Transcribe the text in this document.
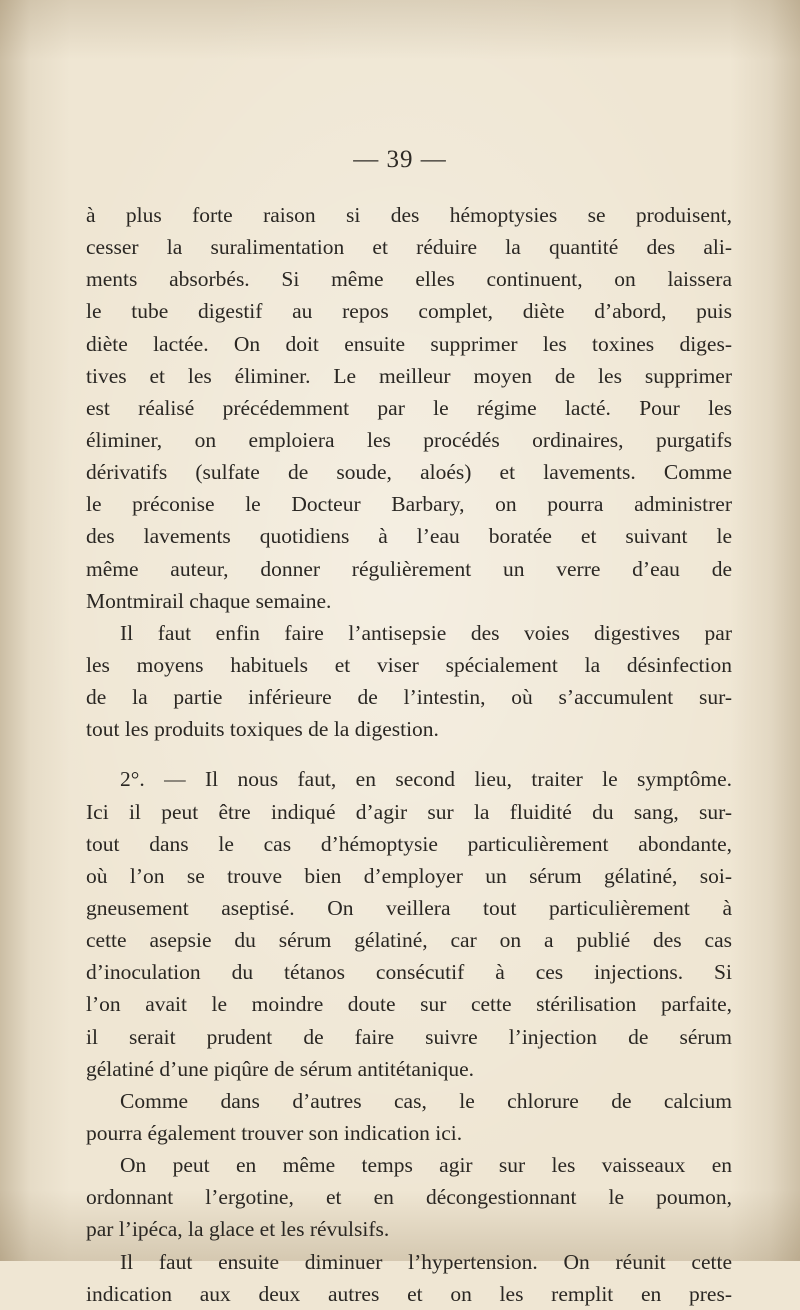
— 39 —
à plus forte raison si des hémoptysies se produisent,
cesser la suralimentation et réduire la quantité des ali-
ments absorbés. Si même elles continuent, on laissera
le tube digestif au repos complet, diète d’abord, puis
diète lactée. On doit ensuite supprimer les toxines diges-
tives et les éliminer. Le meilleur moyen de les supprimer
est réalisé précédemment par le régime lacté. Pour les
éliminer, on emploiera les procédés ordinaires, purgatifs
dérivatifs (sulfate de soude, aloés) et lavements. Comme
le préconise le Docteur Barbary, on pourra administrer
des lavements quotidiens à l’eau boratée et suivant le
même auteur, donner régulièrement un verre d’eau de
Montmirail chaque semaine.
Il faut enfin faire l’antisepsie des voies digestives par
les moyens habituels et viser spécialement la désinfection
de la partie inférieure de l’intestin, où s’accumulent sur-
tout les produits toxiques de la digestion.
2°. — Il nous faut, en second lieu, traiter le symptôme.
Ici il peut être indiqué d’agir sur la fluidité du sang, sur-
tout dans le cas d’hémoptysie particulièrement abondante,
où l’on se trouve bien d’employer un sérum gélatiné, soi-
gneusement aseptisé. On veillera tout particulièrement à
cette asepsie du sérum gélatiné, car on a publié des cas
d’inoculation du tétanos consécutif à ces injections. Si
l’on avait le moindre doute sur cette stérilisation parfaite,
il serait prudent de faire suivre l’injection de sérum
gélatiné d’une piqûre de sérum antitétanique.
Comme dans d’autres cas, le chlorure de calcium
pourra également trouver son indication ici.
On peut en même temps agir sur les vaisseaux en
ordonnant l’ergotine, et en décongestionnant le poumon,
par l’ipéca, la glace et les révulsifs.
Il faut ensuite diminuer l’hypertension. On réunit cette
indication aux deux autres et on les remplit en pres-
